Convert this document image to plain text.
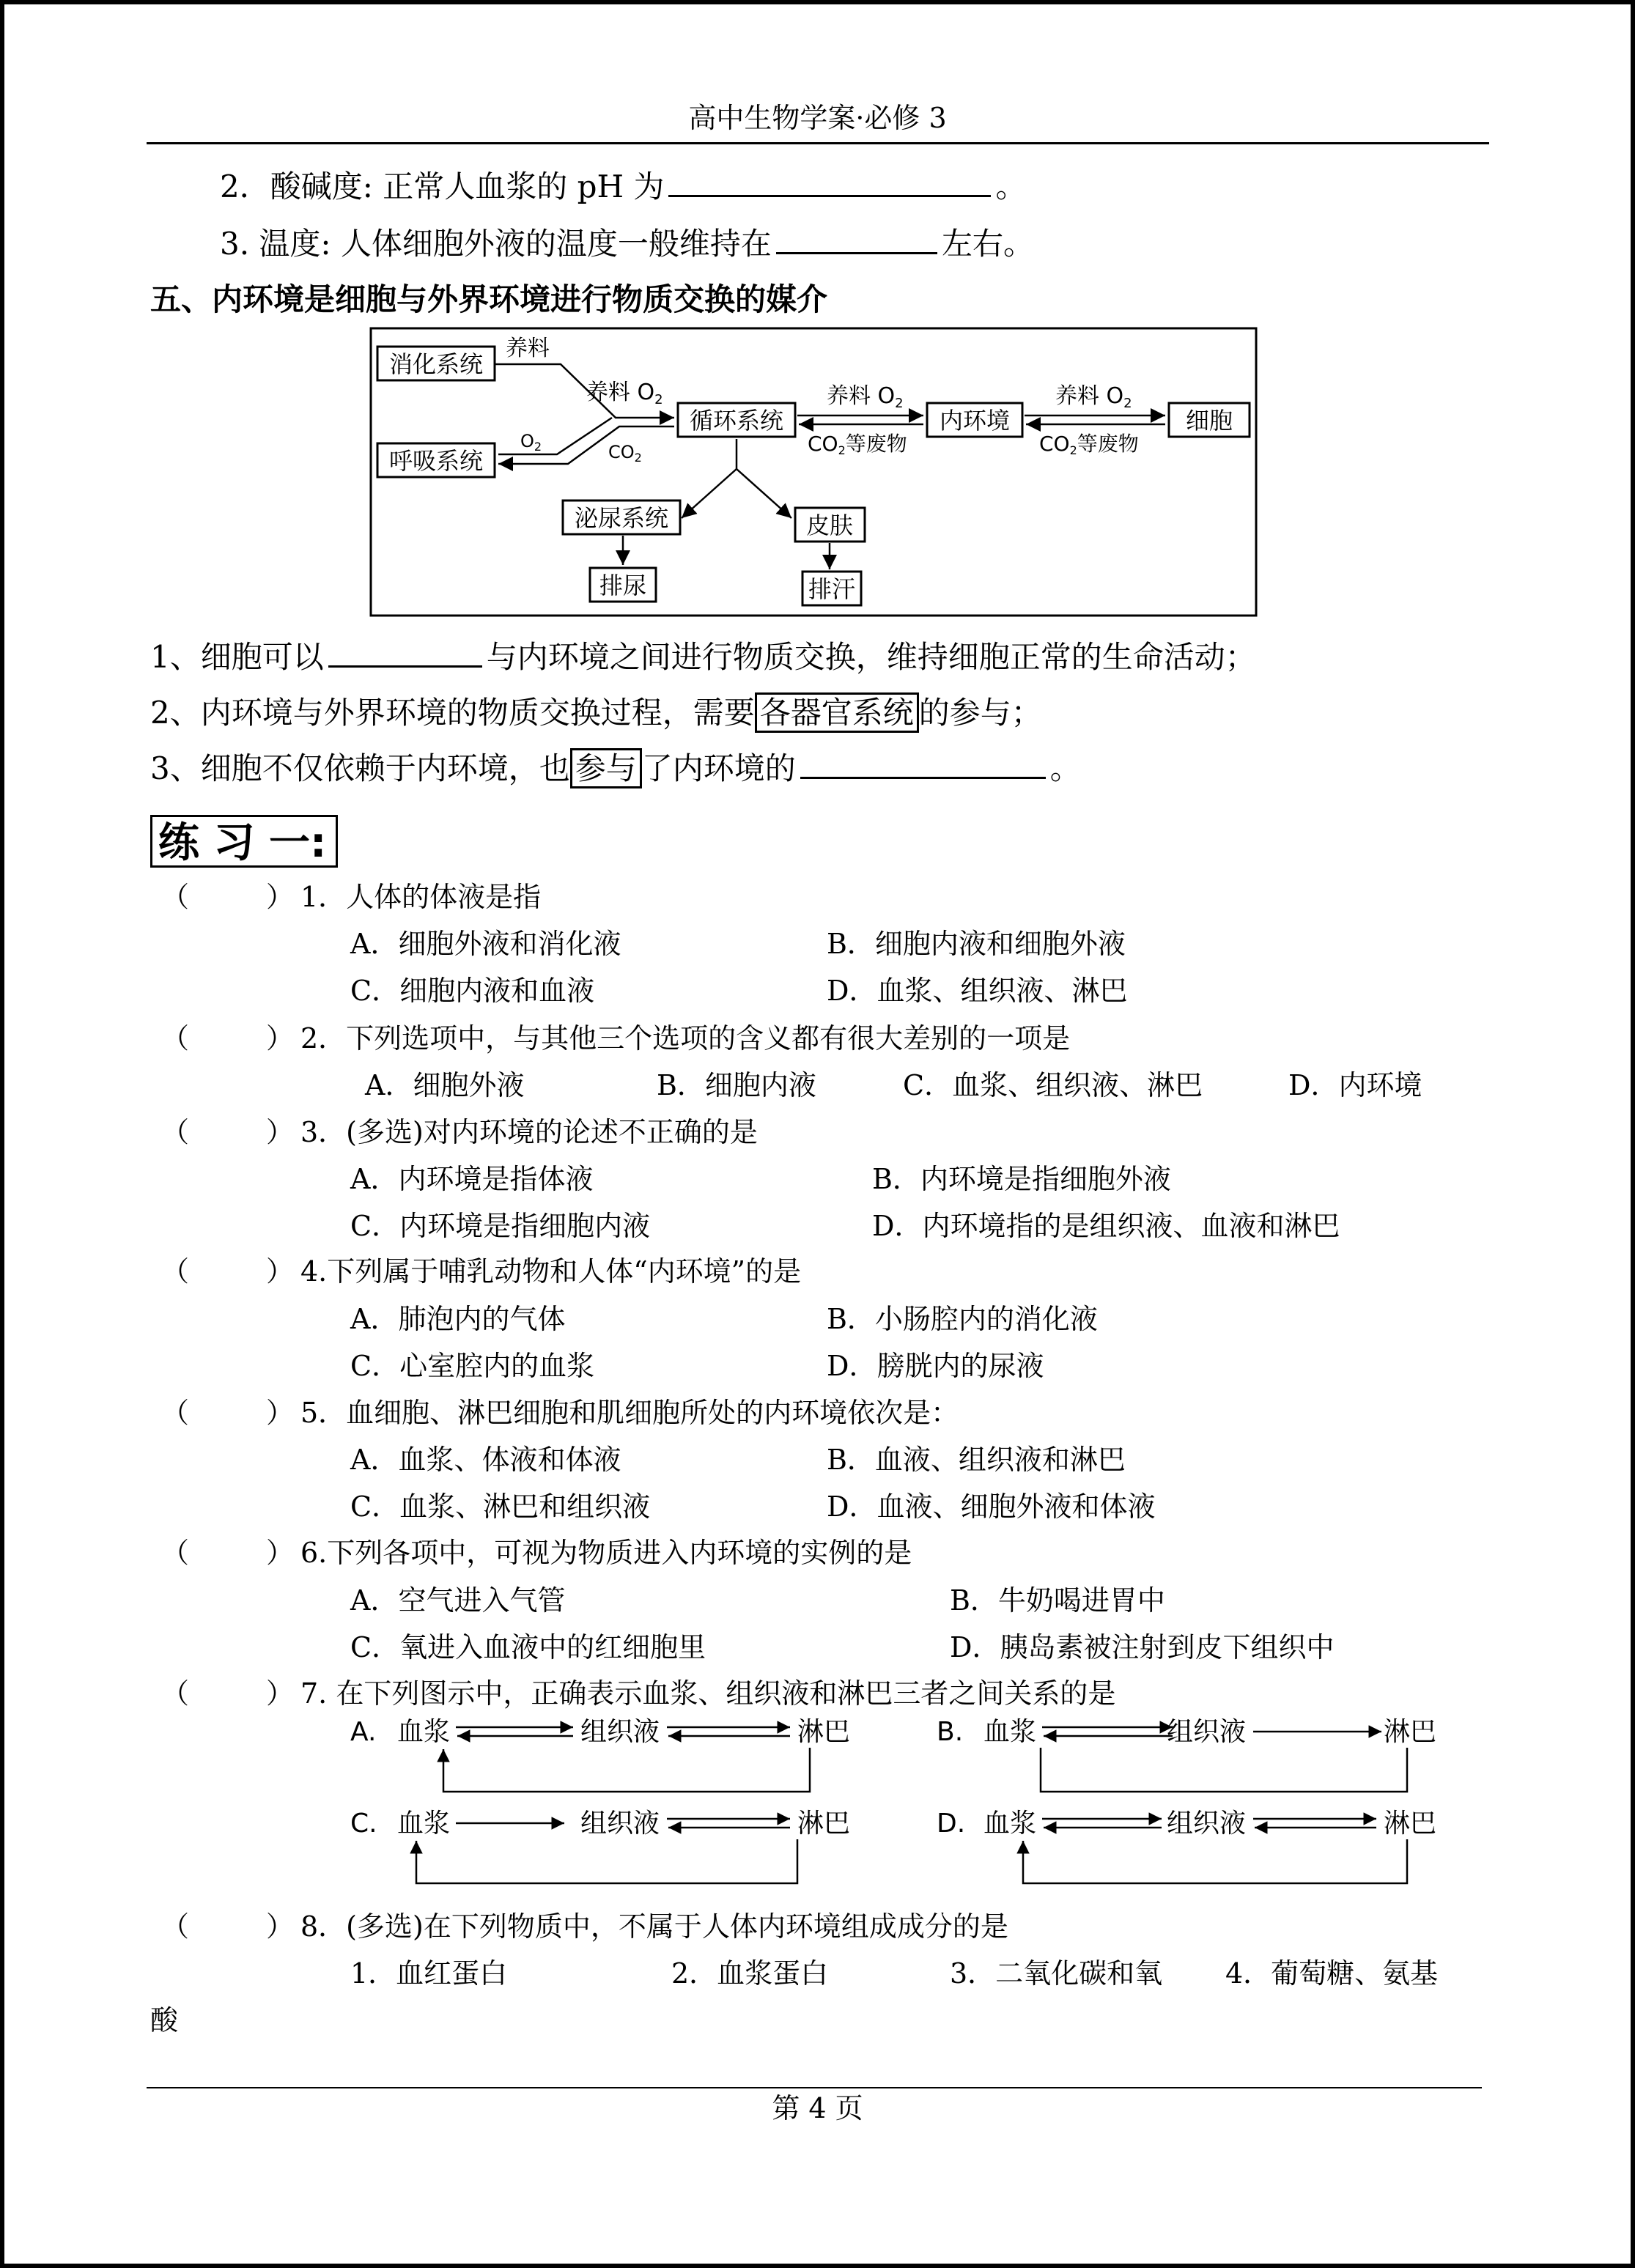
高中生物学案·必修 3
2．酸碱度: 正常人血浆的 pH 为	。
3. 温度: 人体细胞外液的温度一般维持在	左右。
五、内环境是细胞与外界环境进行物质交换的媒介
消化系统
呼吸系统
循环系统	内环境	细胞
泌尿系统	皮肤
排尿	排汗
养料
养料 $O_2$
$O_2$	$CO_2$
养料 $O_2$
CO2等废物
养料 $O_2$
CO2等废物
1、细胞可以	与内环境之间进行物质交换，维持细胞正常的生命活动；
2、内环境与外界环境的物质交换过程，需要 各器官系统 的参与；
3、细胞不仅依赖于内环境，也 参与 了内环境的	。
练 习 一:
（	）
（	）
（	）
（	）
（	）
（	）
（	）
（	）
1．人体的体液是指
A．细胞外液和消化液	B．细胞内液和细胞外液
C．细胞内液和血液	D．血浆、组织液、淋巴
2．下列选项中，与其他三个选项的含义都有很大差别的一项是
A．细胞外液	B．细胞内液	C．血浆、组织液、淋巴	D．内环境
3．(多选)对内环境的论述不正确的是
A．内环境是指体液	B．内环境是指细胞外液
C．内环境是指细胞内液	D．内环境指的是组织液、血液和淋巴
4.下列属于哺乳动物和人体“内环境”的是
A．肺泡内的气体	B．小肠腔内的消化液
C．心室腔内的血浆	D．膀胱内的尿液
5．血细胞、淋巴细胞和肌细胞所处的内环境依次是：
A．血浆、体液和体液	B．血液、组织液和淋巴
C．血浆、淋巴和组织液	D．血液、细胞外液和体液
6.下列各项中，可视为物质进入内环境的实例的是
A．空气进入气管	B．牛奶喝进胃中
C．氧进入血液中的红细胞里	D．胰岛素被注射到皮下组织中
7. 在下列图示中，正确表示血浆、组织液和淋巴三者之间关系的是
A. 血浆	组织液	淋巴	B. 血浆	组织液	淋巴
C. 血浆	组织液	淋巴	D. 血浆	组织液	淋巴
8．(多选)在下列物质中，不属于人体内环境组成成分的是
1．血红蛋白	2．血浆蛋白	3．二氧化碳和氧 4．葡萄糖、氨基
酸
第 4 页
